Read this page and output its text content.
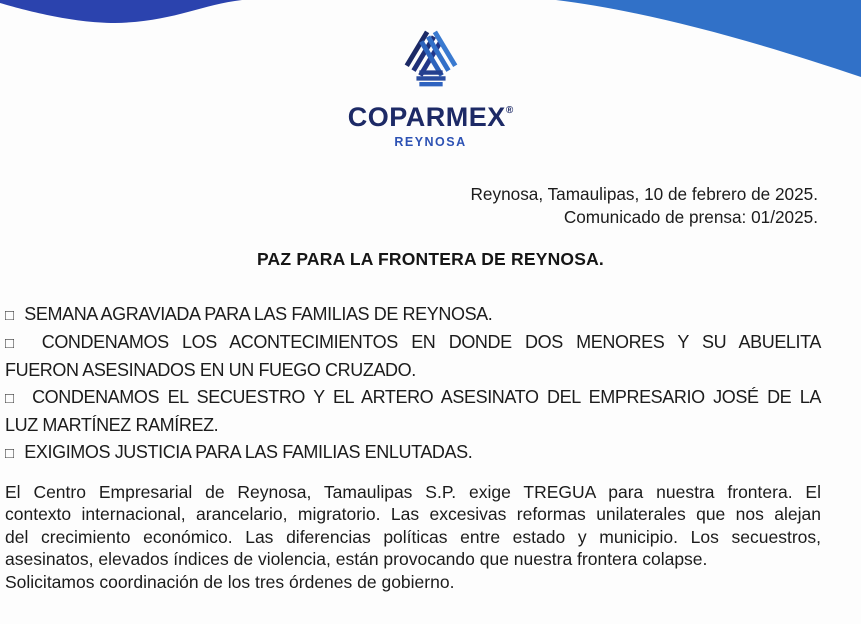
COPARMEX®
REYNOSA
Reynosa, Tamaulipas, 10 de febrero de 2025.
Comunicado de prensa: 01/2025.
PAZ PARA LA FRONTERA DE REYNOSA.
□ SEMANA AGRAVIADA PARA LAS FAMILIAS DE REYNOSA.
□ CONDENAMOS LOS ACONTECIMIENTOS EN DONDE DOS MENORES Y SU ABUELITA
FUERON ASESINADOS EN UN FUEGO CRUZADO.
□ CONDENAMOS EL SECUESTRO Y EL ARTERO ASESINATO DEL EMPRESARIO JOSÉ DE LA
LUZ MARTÍNEZ RAMÍREZ.
□ EXIGIMOS JUSTICIA PARA LAS FAMILIAS ENLUTADAS.
El Centro Empresarial de Reynosa, Tamaulipas S.P. exige TREGUA para nuestra frontera. El
contexto internacional, arancelario, migratorio. Las excesivas reformas unilaterales que nos alejan
del crecimiento económico. Las diferencias políticas entre estado y municipio. Los secuestros,
asesinatos, elevados índices de violencia, están provocando que nuestra frontera colapse.
Solicitamos coordinación de los tres órdenes de gobierno.
